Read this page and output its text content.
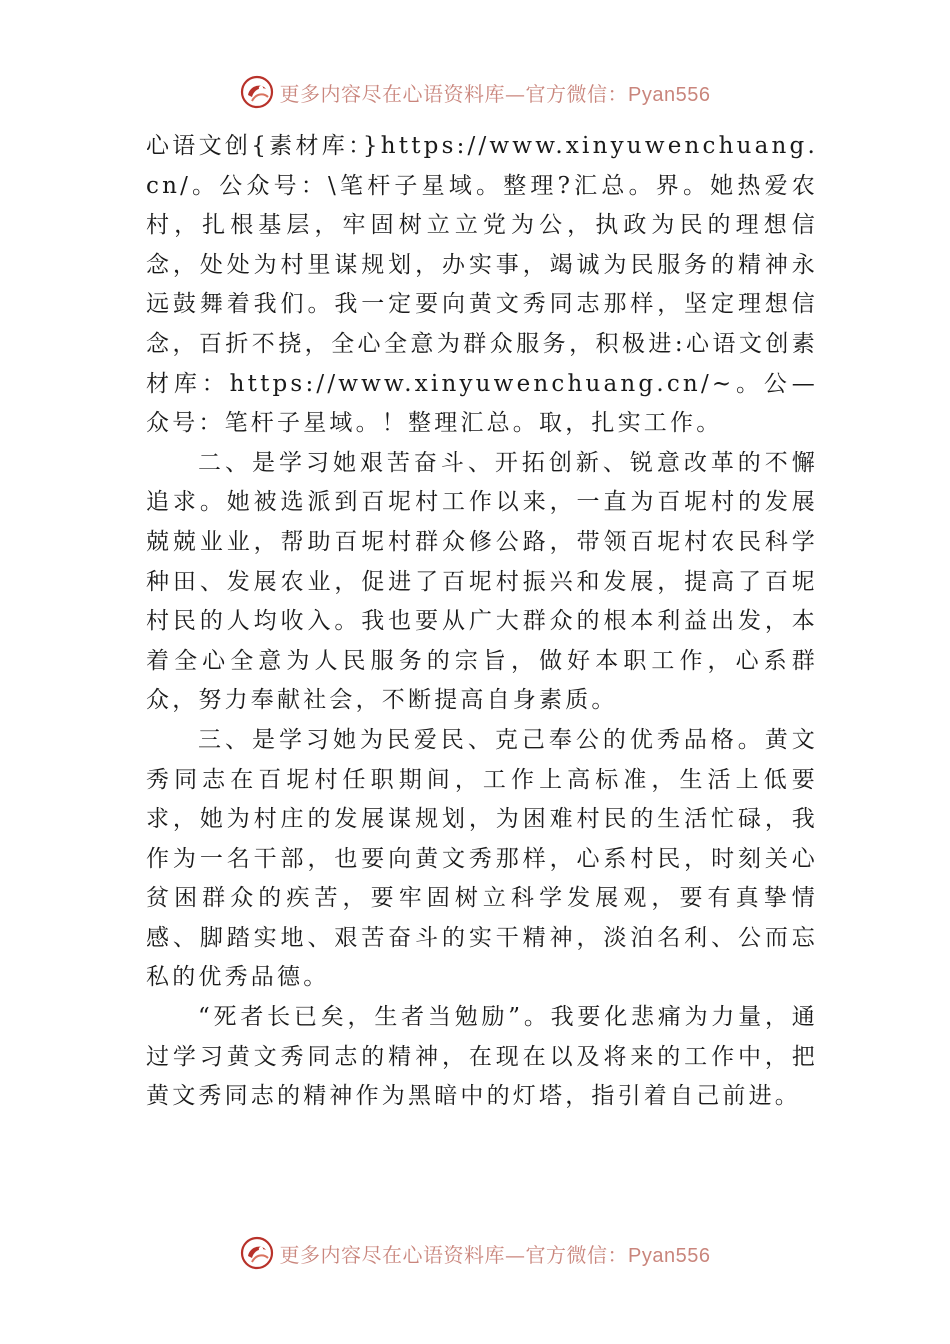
更多内容尽在心语资料库—官方微信：Pyan556

心语文创{素材库：}https://www.xinyuwenchuang.cn/。公众号：\笔杆子星域。整理?汇总。界。她热爱农村，扎根基层，牢固树立立党为公，执政为民的理想信念，处处为村里谋规划，办实事，竭诚为民服务的精神永远鼓舞着我们。我一定要向黄文秀同志那样，坚定理想信念，百折不挠，全心全意为群众服务，积极进:心语文创素材库：https://www.xinyuwenchuang.cn/~。公—众号：笔杆子星域。！整理汇总。取，扎实工作。

二、是学习她艰苦奋斗、开拓创新、锐意改革的不懈追求。她被选派到百坭村工作以来，一直为百坭村的发展兢兢业业，帮助百坭村群众修公路，带领百坭村农民科学种田、发展农业，促进了百坭村振兴和发展，提高了百坭村民的人均收入。我也要从广大群众的根本利益出发，本着全心全意为人民服务的宗旨，做好本职工作，心系群众，努力奉献社会，不断提高自身素质。

三、是学习她为民爱民、克己奉公的优秀品格。黄文秀同志在百坭村任职期间，工作上高标准，生活上低要求，她为村庄的发展谋规划，为困难村民的生活忙碌，我作为一名干部，也要向黄文秀那样，心系村民，时刻关心贫困群众的疾苦，要牢固树立科学发展观，要有真挚情感、脚踏实地、艰苦奋斗的实干精神，淡泊名利、公而忘私的优秀品德。

“死者长已矣，生者当勉励”。我要化悲痛为力量，通过学习黄文秀同志的精神，在现在以及将来的工作中，把黄文秀同志的精神作为黑暗中的灯塔，指引着自己前进。

更多内容尽在心语资料库—官方微信：Pyan556
